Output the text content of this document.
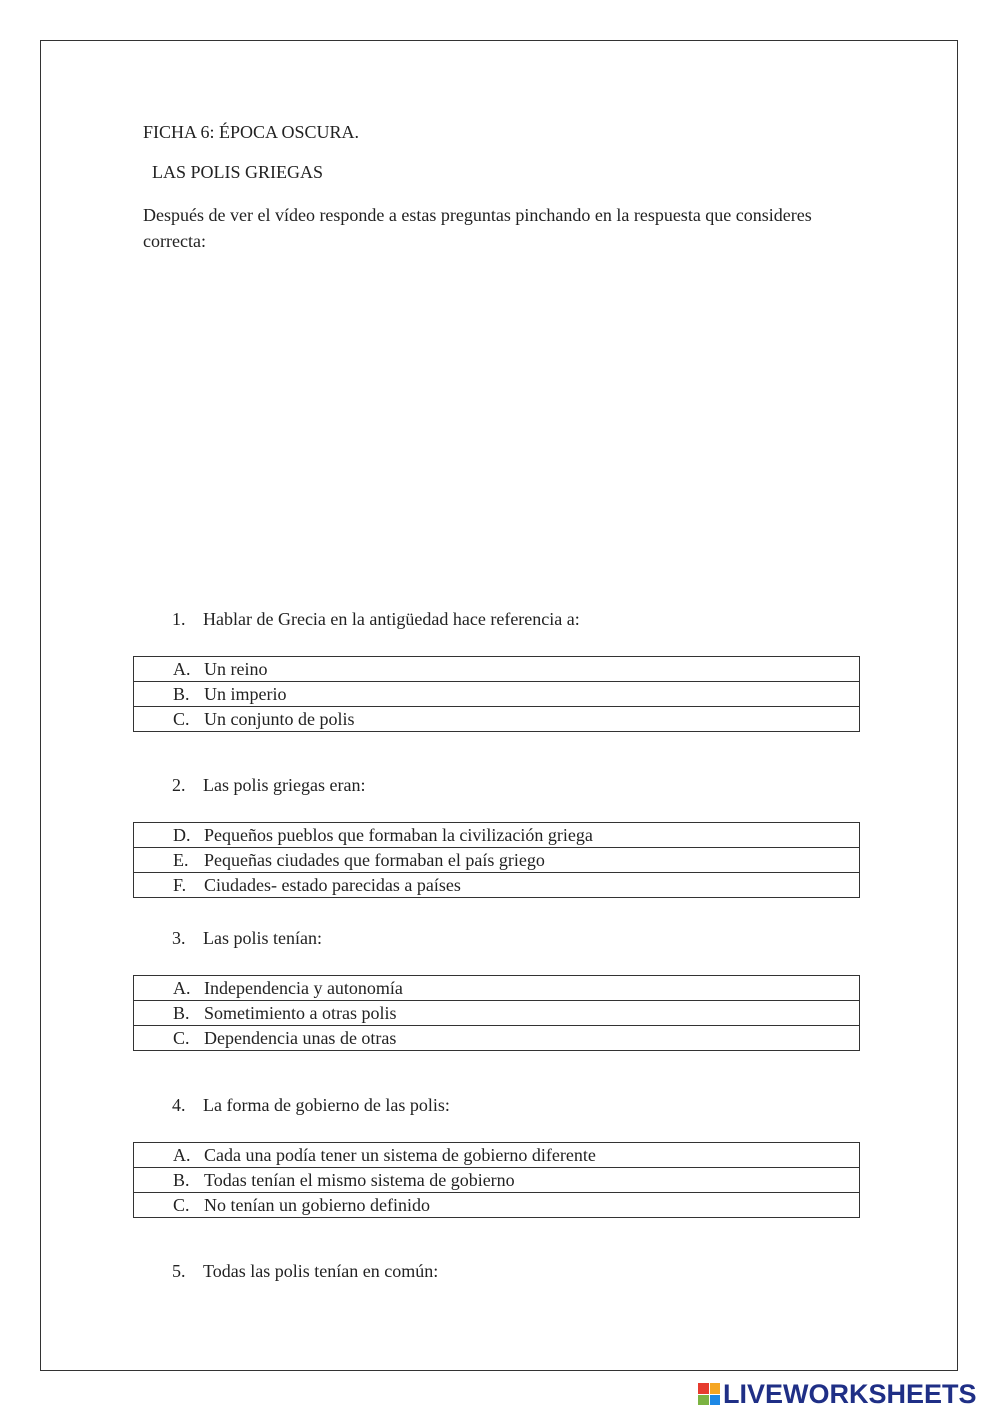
FICHA 6: ÉPOCA OSCURA.
LAS POLIS GRIEGAS
Después de ver el vídeo responde a estas preguntas pinchando en la respuesta que consideres correcta:
1. Hablar de Grecia en la antigüedad hace referencia a:
A. Un reino
B. Un imperio
C. Un conjunto de polis
2. Las polis griegas eran:
D. Pequeños pueblos que formaban la civilización griega
E. Pequeñas ciudades que formaban el país griego
F. Ciudades- estado parecidas a países
3. Las polis tenían:
A. Independencia y autonomía
B. Sometimiento a otras polis
C. Dependencia unas de otras
4. La forma de gobierno de las polis:
A. Cada una podía tener un sistema de gobierno diferente
B. Todas tenían el mismo sistema de gobierno
C. No tenían un gobierno definido
5. Todas las polis tenían en común:
LIVEWORKSHEETS
